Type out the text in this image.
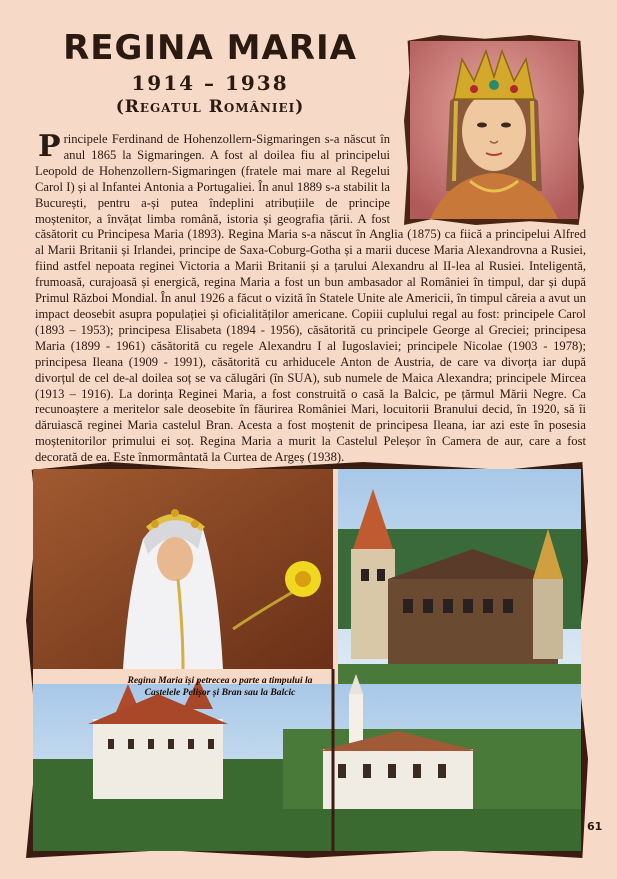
REGINA MARIA
1914 – 1938
(Regatul României)

Principele Ferdinand de Hohenzollern-Sigmaringen s-a născut în anul 1865 la Sigmaringen. A fost al doilea fiu al principelui Leopold de Hohenzollern-Sigmaringen (fratele mai mare al Regelui Carol I) și al Infantei Antonia a Portugaliei. În anul 1889 s-a stabilit la București, pentru a-și putea îndeplini atribuțiile de principe moștenitor, a învățat limba română, istoria și geografia țării. A fost căsătorit cu Principesa Maria (1893). Regina Maria s-a născut în Anglia (1875) ca fiică a principelui Alfred al Marii Britanii și Irlandei, principe de Saxa-Coburg-Gotha și a marii ducese Maria Alexandrovna a Rusiei, fiind astfel nepoata reginei Victoria a Marii Britanii și a țarului Alexandru al II-lea al Rusiei. Inteligentă, frumoasă, curajoasă și energică, regina Maria a fost un bun ambasador al României în timpul, dar și după Primul Război Mondial. În anul 1926 a făcut o vizită în Statele Unite ale Americii, în timpul căreia a avut un impact deosebit asupra populației și oficialităților americane. Copiii cuplului regal au fost: principele Carol (1893 – 1953); principesa Elisabeta (1894 - 1956), căsătorită cu principele George al Greciei; principesa Maria (1899 - 1961) căsătorită cu regele Alexandru I al Iugoslaviei; principele Nicolae (1903 - 1978); principesa Ileana (1909 - 1991), căsătorită cu arhiducele Anton de Austria, de care va divorța iar după divorțul de cel de-al doilea soț se va călugări (în SUA), sub numele de Maica Alexandra; principele Mircea (1913 – 1916). La dorința Reginei Maria, a fost construită o casă la Balcic, pe țărmul Mării Negre. Ca recunoaștere a meritelor sale deosebite în făurirea României Mari, locuitorii Branului decid, în 1920, să îi dăruiască reginei Maria castelul Bran. Acesta a fost moștenit de principesa Ileana, iar azi este în posesia moștenitorilor primului ei soț. Regina Maria a murit la Castelul Peleșor în Camera de aur, care a fost decorată de ea. Este înmormântată la Curtea de Argeș (1938).

Regina Maria își petrecea o parte a timpului la Castelele Pelișor și Bran sau la Balcic
61
